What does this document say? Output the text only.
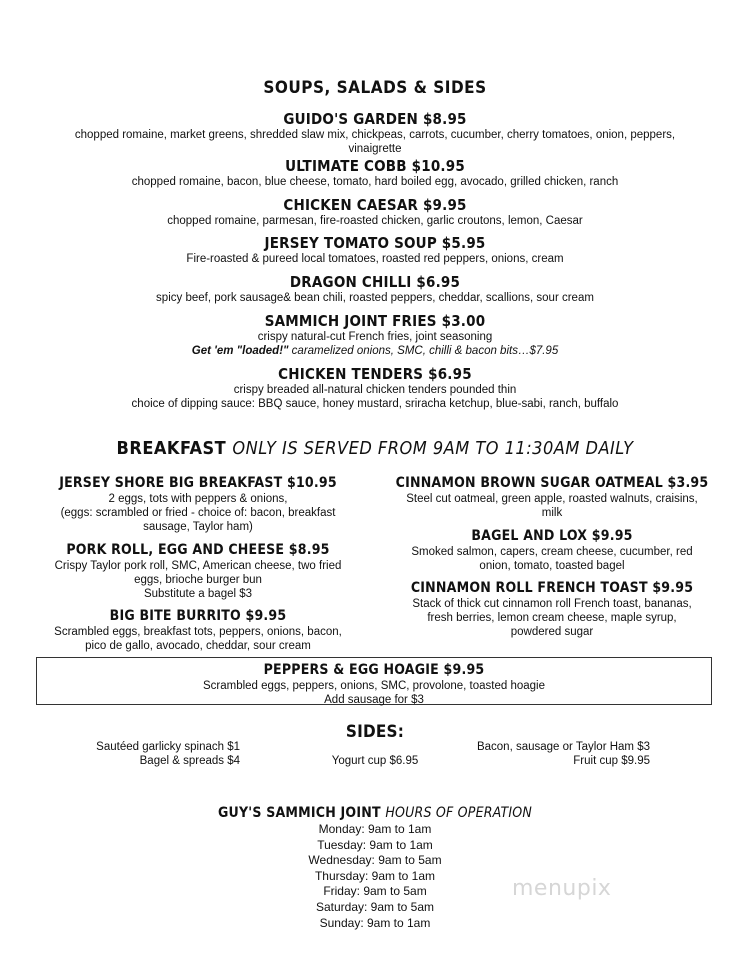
SOUPS, SALADS & SIDES
GUIDO'S GARDEN $8.95
chopped romaine, market greens, shredded slaw mix, chickpeas, carrots, cucumber, cherry tomatoes, onion, peppers,
vinaigrette
ULTIMATE COBB $10.95
chopped romaine, bacon, blue cheese, tomato, hard boiled egg, avocado, grilled chicken, ranch
CHICKEN CAESAR $9.95
chopped romaine, parmesan, fire-roasted chicken, garlic croutons, lemon, Caesar
JERSEY TOMATO SOUP $5.95
Fire-roasted & pureed local tomatoes, roasted red peppers, onions, cream
DRAGON CHILLI $6.95
spicy beef, pork sausage& bean chili, roasted peppers, cheddar, scallions, sour cream
SAMMICH JOINT FRIES $3.00
crispy natural-cut French fries, joint seasoning
Get 'em "loaded!" caramelized onions, SMC, chilli & bacon bits…$7.95
CHICKEN TENDERS $6.95
crispy breaded all-natural chicken tenders pounded thin
choice of dipping sauce: BBQ sauce, honey mustard, sriracha ketchup, blue-sabi, ranch, buffalo
BREAKFAST ONLY IS SERVED FROM 9AM TO 11:30AM DAILY
JERSEY SHORE BIG BREAKFAST $10.95
2 eggs, tots with peppers & onions,
(eggs: scrambled or fried - choice of: bacon, breakfast
sausage, Taylor ham)
PORK ROLL, EGG AND CHEESE $8.95
Crispy Taylor pork roll, SMC, American cheese, two fried
eggs, brioche burger bun
Substitute a bagel $3
BIG BITE BURRITO $9.95
Scrambled eggs, breakfast tots, peppers, onions, bacon,
pico de gallo, avocado, cheddar, sour cream
CINNAMON BROWN SUGAR OATMEAL $3.95
Steel cut oatmeal, green apple, roasted walnuts, craisins,
milk
BAGEL AND LOX $9.95
Smoked salmon, capers, cream cheese, cucumber, red
onion, tomato, toasted bagel
CINNAMON ROLL FRENCH TOAST $9.95
Stack of thick cut cinnamon roll French toast, bananas,
fresh berries, lemon cream cheese, maple syrup,
powdered sugar
PEPPERS & EGG HOAGIE $9.95
Scrambled eggs, peppers, onions, SMC, provolone, toasted hoagie
Add sausage for $3
SIDES:
Sautéed garlicky spinach $1
Bagel & spreads $4	Yogurt cup $6.95
Bacon, sausage or Taylor Ham $3
Fruit cup $9.95
GUY'S SAMMICH JOINT HOURS OF OPERATION
Monday: 9am to 1am
Tuesday: 9am to 1am
Wednesday: 9am to 5am
Thursday: 9am to 1am
Friday: 9am to 5am
Saturday: 9am to 5am
Sunday: 9am to 1am
menupix
